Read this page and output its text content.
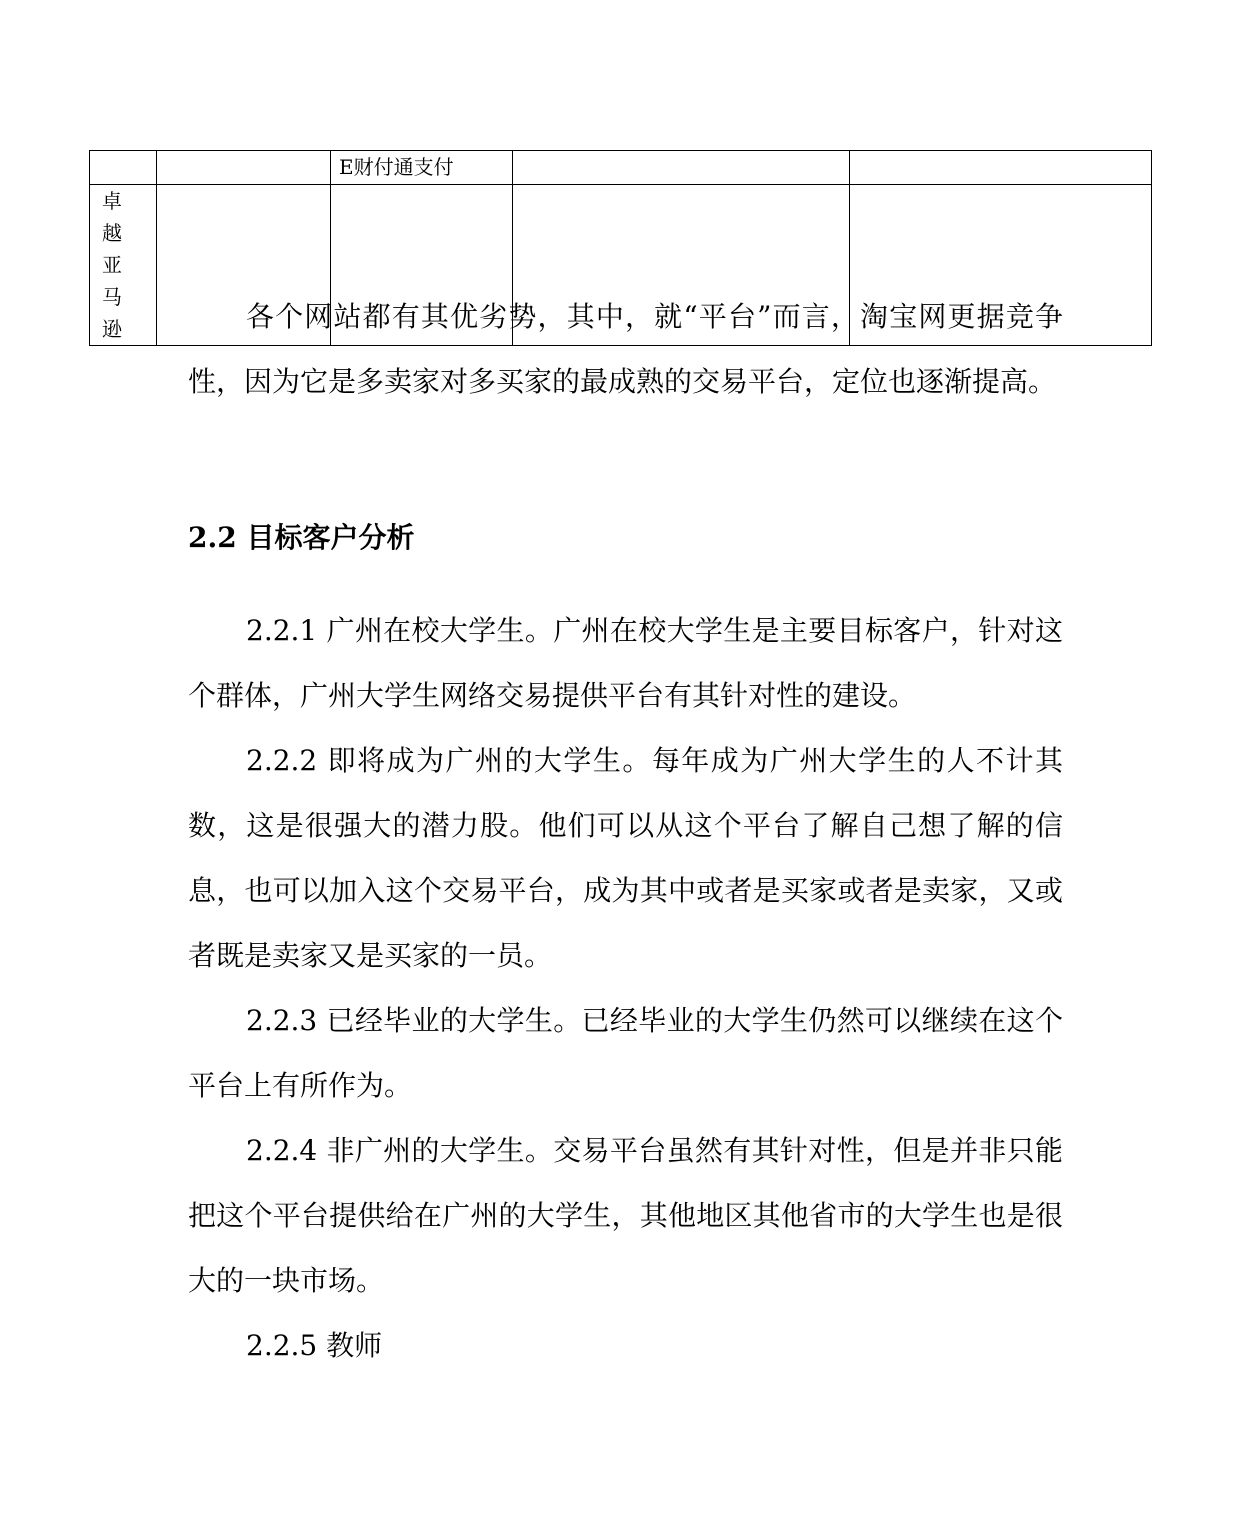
		E财付通支付		
卓越亚马逊					各个网站都有其优劣势，其中，就“平台”而言，淘宝网更据竞争性，因为它是多卖家对多买家的最成熟的交易平台，定位也逐渐提高。

2.2 目标客户分析

2.2.1 广州在校大学生。广州在校大学生是主要目标客户，针对这个群体，广州大学生网络交易提供平台有其针对性的建设。

2.2.2 即将成为广州的大学生。每年成为广州大学生的人不计其数，这是很强大的潜力股。他们可以从这个平台了解自己想了解的信息，也可以加入这个交易平台，成为其中或者是买家或者是卖家，又或者既是卖家又是买家的一员。

2.2.3 已经毕业的大学生。已经毕业的大学生仍然可以继续在这个平台上有所作为。

2.2.4 非广州的大学生。交易平台虽然有其针对性，但是并非只能把这个平台提供给在广州的大学生，其他地区其他省市的大学生也是很大的一块市场。

2.2.5 教师
